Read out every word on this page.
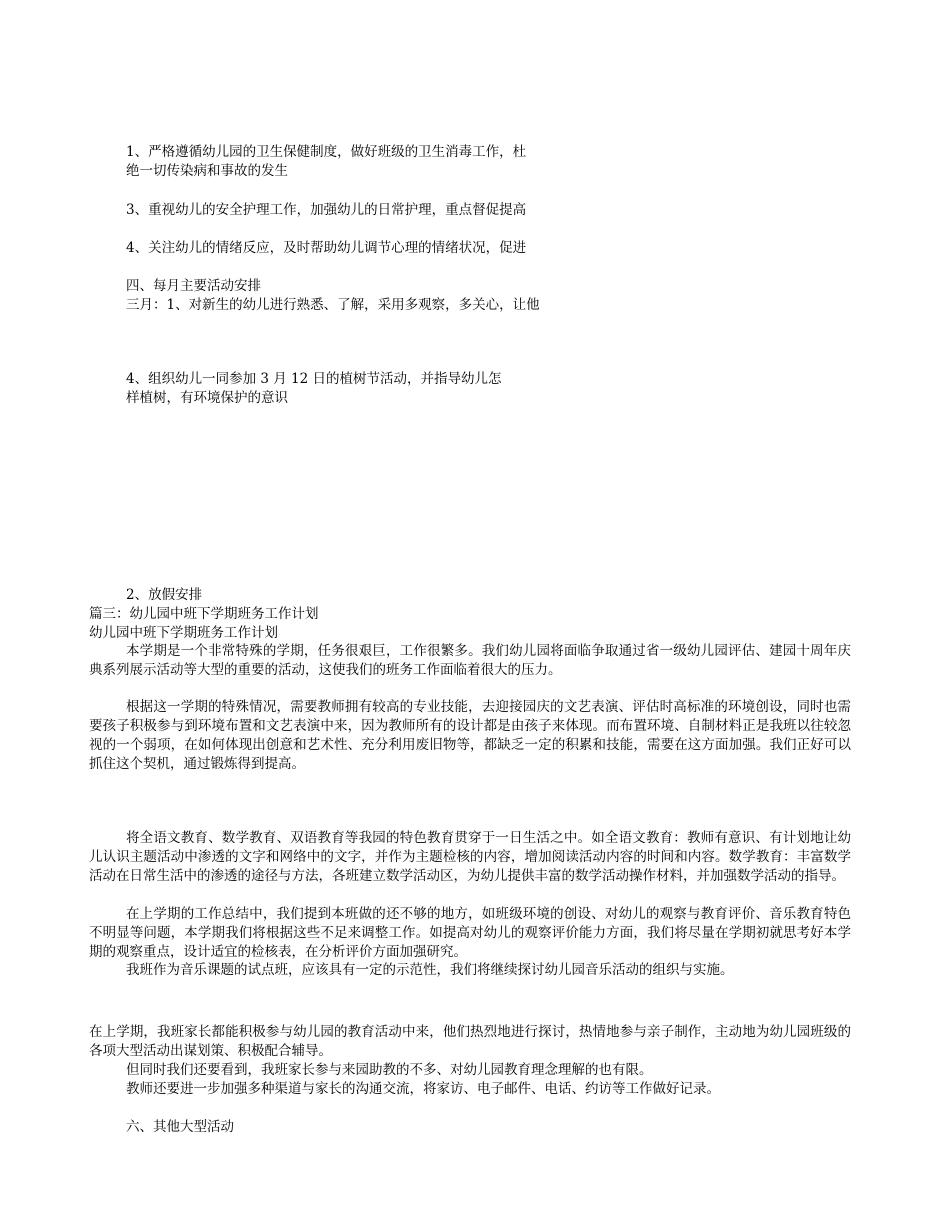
1、严格遵循幼儿园的卫生保健制度，做好班级的卫生消毒工作，杜

绝一切传染病和事故的发生

3、重视幼儿的安全护理工作，加强幼儿的日常护理，重点督促提高

4、关注幼儿的情绪反应，及时帮助幼儿调节心理的情绪状况，促进

四、每月主要活动安排

三月：1、对新生的幼儿进行熟悉、了解，采用多观察，多关心，让他

4、组织幼儿一同参加 3 月 12 日的植树节活动，并指导幼儿怎

样植树，有环境保护的意识

2、放假安排

篇三：幼儿园中班下学期班务工作计划

幼儿园中班下学期班务工作计划

本学期是一个非常特殊的学期，任务很艰巨，工作很繁多。我们幼儿园将面临争取通过省一级幼儿园评估、建园十周年庆典系列展示活动等大型的重要的活动，这使我们的班务工作面临着很大的压力。

根据这一学期的特殊情况，需要教师拥有较高的专业技能，去迎接园庆的文艺表演、评估时高标准的环境创设，同时也需要孩子积极参与到环境布置和文艺表演中来，因为教师所有的设计都是由孩子来体现。而布置环境、自制材料正是我班以往较忽视的一个弱项，在如何体现出创意和艺术性、充分利用废旧物等，都缺乏一定的积累和技能，需要在这方面加强。我们正好可以抓住这个契机，通过锻炼得到提高。

将全语文教育、数学教育、双语教育等我园的特色教育贯穿于一日生活之中。如全语文教育：教师有意识、有计划地让幼儿认识主题活动中渗透的文字和网络中的文字，并作为主题检核的内容，增加阅读活动内容的时间和内容。数学教育：丰富数学活动在日常生活中的渗透的途径与方法，各班建立数学活动区，为幼儿提供丰富的数学活动操作材料，并加强数学活动的指导。

在上学期的工作总结中，我们提到本班做的还不够的地方，如班级环境的创设、对幼儿的观察与教育评价、音乐教育特色不明显等问题，本学期我们将根据这些不足来调整工作。如提高对幼儿的观察评价能力方面，我们将尽量在学期初就思考好本学期的观察重点，设计适宜的检核表，在分析评价方面加强研究。

我班作为音乐课题的试点班，应该具有一定的示范性，我们将继续探讨幼儿园音乐活动的组织与实施。

在上学期，我班家长都能积极参与幼儿园的教育活动中来，他们热烈地进行探讨，热情地参与亲子制作，主动地为幼儿园班级的各项大型活动出谋划策、积极配合辅导。

但同时我们还要看到，我班家长参与来园助教的不多、对幼儿园教育理念理解的也有限。

教师还要进一步加强多种渠道与家长的沟通交流，将家访、电子邮件、电话、约访等工作做好记录。

六、其他大型活动
